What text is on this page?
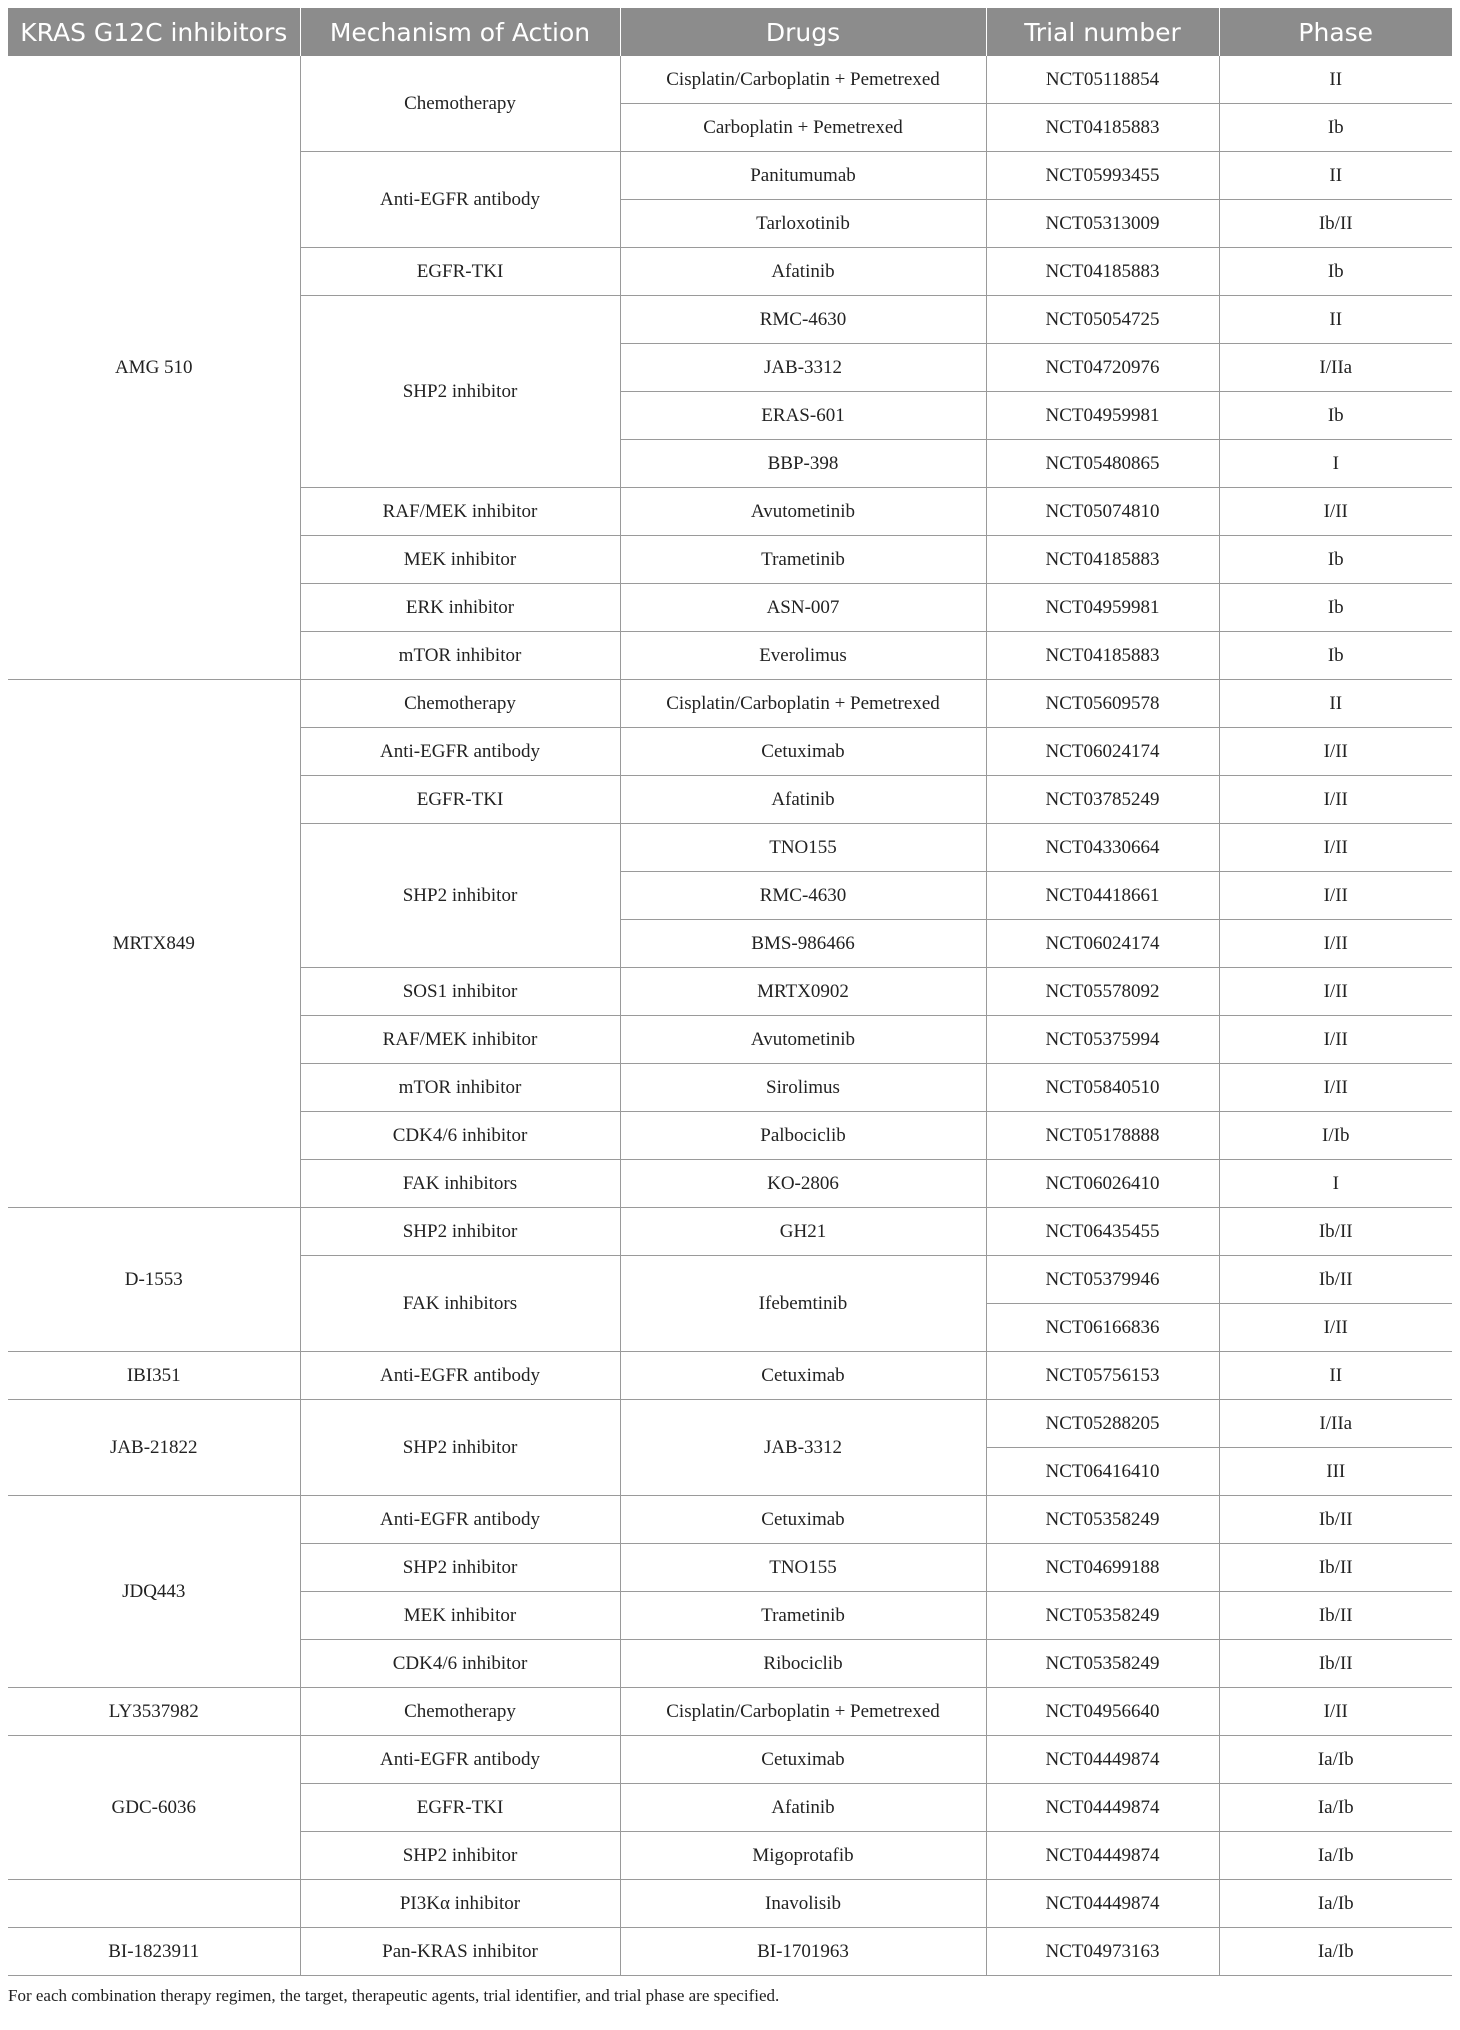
KRAS G12C inhibitors	Mechanism of Action	Drugs	Trial number	Phase
AMG 510	Chemotherapy	Cisplatin/Carboplatin + Pemetrexed	NCT05118854	II
		Carboplatin + Pemetrexed	NCT04185883	Ib
	Anti-EGFR antibody	Panitumumab	NCT05993455	II
		Tarloxotinib	NCT05313009	Ib/II
	EGFR-TKI	Afatinib	NCT04185883	Ib
	SHP2 inhibitor	RMC-4630	NCT05054725	II
		JAB-3312	NCT04720976	I/IIa
		ERAS-601	NCT04959981	Ib
		BBP-398	NCT05480865	I
	RAF/MEK inhibitor	Avutometinib	NCT05074810	I/II
	MEK inhibitor	Trametinib	NCT04185883	Ib
	ERK inhibitor	ASN-007	NCT04959981	Ib
	mTOR inhibitor	Everolimus	NCT04185883	Ib
MRTX849	Chemotherapy	Cisplatin/Carboplatin + Pemetrexed	NCT05609578	II
	Anti-EGFR antibody	Cetuximab	NCT06024174	I/II
	EGFR-TKI	Afatinib	NCT03785249	I/II
	SHP2 inhibitor	TNO155	NCT04330664	I/II
		RMC-4630	NCT04418661	I/II
		BMS-986466	NCT06024174	I/II
	SOS1 inhibitor	MRTX0902	NCT05578092	I/II
	RAF/MEK inhibitor	Avutometinib	NCT05375994	I/II
	mTOR inhibitor	Sirolimus	NCT05840510	I/II
	CDK4/6 inhibitor	Palbociclib	NCT05178888	I/Ib
	FAK inhibitors	KO-2806	NCT06026410	I
D-1553	SHP2 inhibitor	GH21	NCT06435455	Ib/II
	FAK inhibitors	Ifebemtinib	NCT05379946	Ib/II
			NCT06166836	I/II
IBI351	Anti-EGFR antibody	Cetuximab	NCT05756153	II
JAB-21822	SHP2 inhibitor	JAB-3312	NCT05288205	I/IIa
			NCT06416410	III
JDQ443	Anti-EGFR antibody	Cetuximab	NCT05358249	Ib/II
	SHP2 inhibitor	TNO155	NCT04699188	Ib/II
	MEK inhibitor	Trametinib	NCT05358249	Ib/II
	CDK4/6 inhibitor	Ribociclib	NCT05358249	Ib/II
LY3537982	Chemotherapy	Cisplatin/Carboplatin + Pemetrexed	NCT04956640	I/II
GDC-6036	Anti-EGFR antibody	Cetuximab	NCT04449874	Ia/Ib
	EGFR-TKI	Afatinib	NCT04449874	Ia/Ib
	SHP2 inhibitor	Migoprotafib	NCT04449874	Ia/Ib
	PI3Kα inhibitor	Inavolisib	NCT04449874	Ia/Ib
BI-1823911	Pan-KRAS inhibitor	BI-1701963	NCT04973163	Ia/Ib
For each combination therapy regimen, the target, therapeutic agents, trial identifier, and trial phase are specified.
